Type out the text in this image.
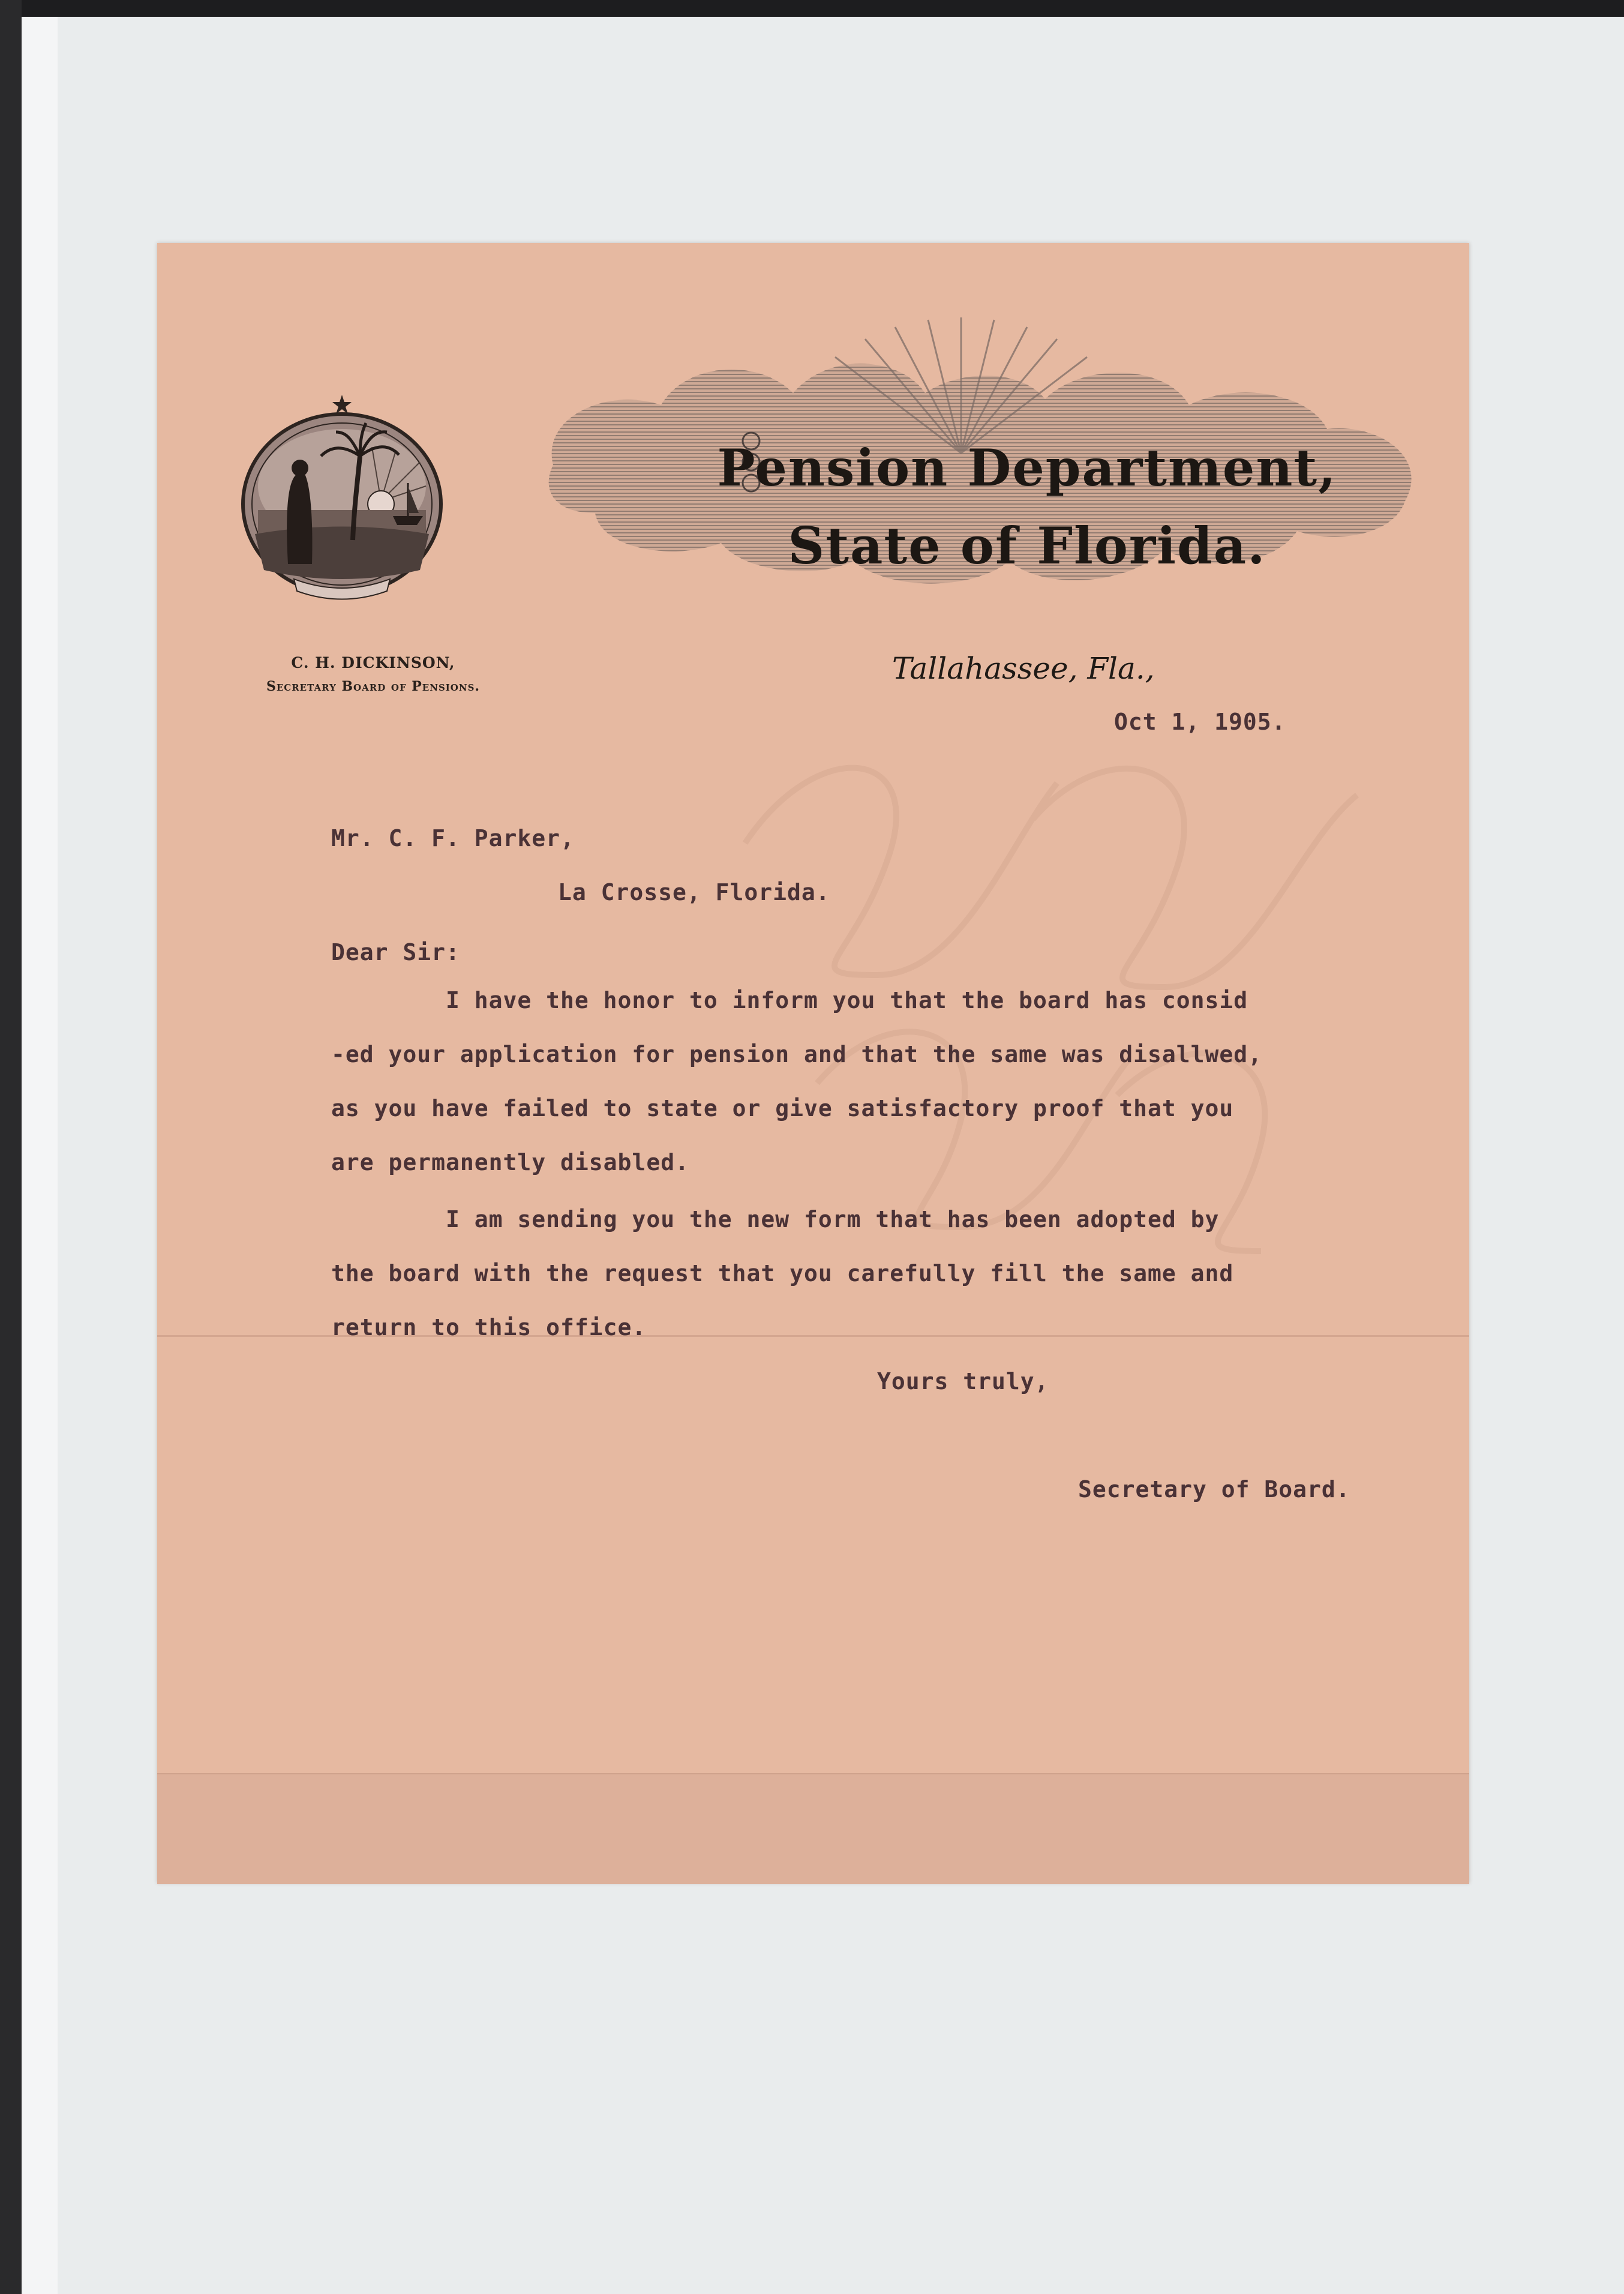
Pension Department,
State of Florida.
C. H. DICKINSON,
Secretary Board of Pensions.
Tallahassee, Fla.,
Oct 1, 1905.
Mr. C. F. Parker,
La Crosse, Florida.
Dear Sir:
I have the honor to inform you that the board has consid
-ed your application for pension and that the same was disallwed,
as you have failed to state or give satisfactory proof that you
are permanently disabled.
I am sending you the new form that has been adopted by
the board with the request that you carefully fill the same and
return to this office.
Yours truly,
Secretary of Board.
